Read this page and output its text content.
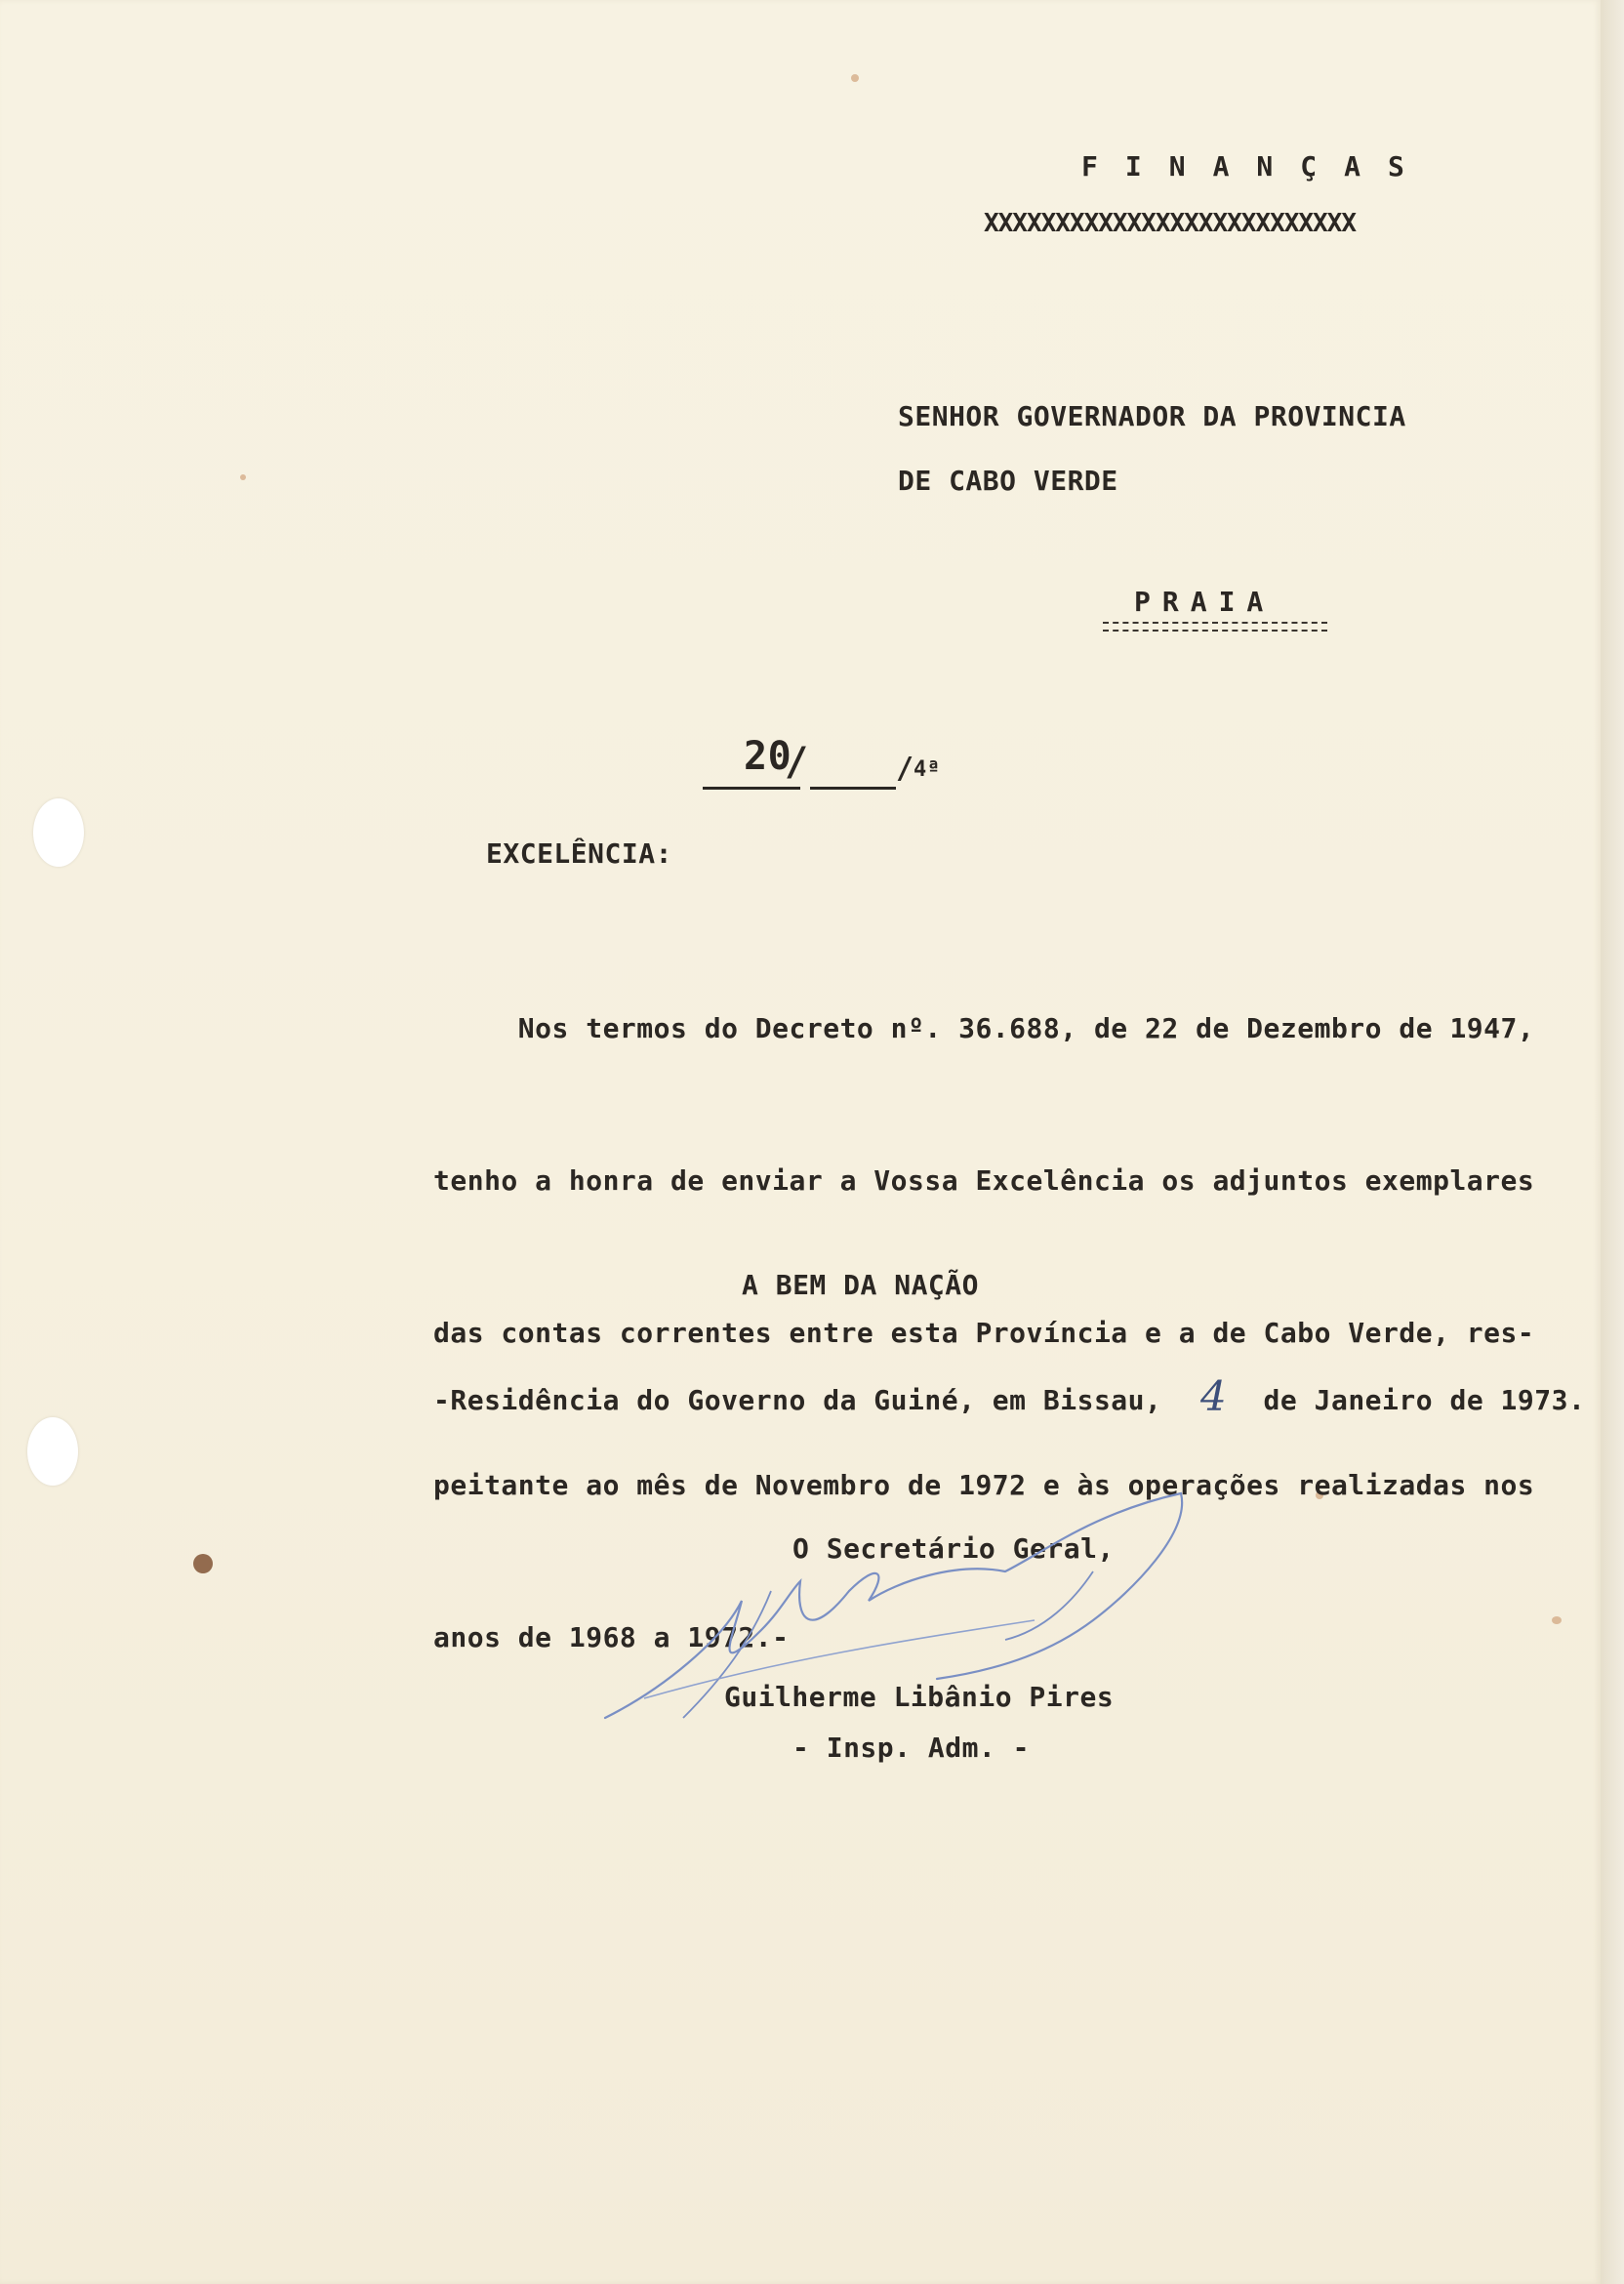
FINANÇAS
XXXXXXXXXXXXXXXXXXXXXXXXXX
SENHOR GOVERNADOR DA PROVINCIA
DE CABO VERDE
PRAIA
20
/	/ 4ª
EXCELÊNCIA:

Nos termos do Decreto nº. 36.688, de 22 de Dezembro de 1947,

tenho a honra de enviar a Vossa Excelência os adjuntos exemplares

das contas correntes entre esta Província e a de Cabo Verde, res-

peitante ao mês de Novembro de 1972 e às operações realizadas nos

anos de 1968 a 1972.-

A BEM DA NAÇÃO
-Residência do Governo da Guiné, em Bissau,	de Janeiro de 1973.
4
O Secretário Geral,
Guilherme Libânio Pires
- Insp. Adm. -
